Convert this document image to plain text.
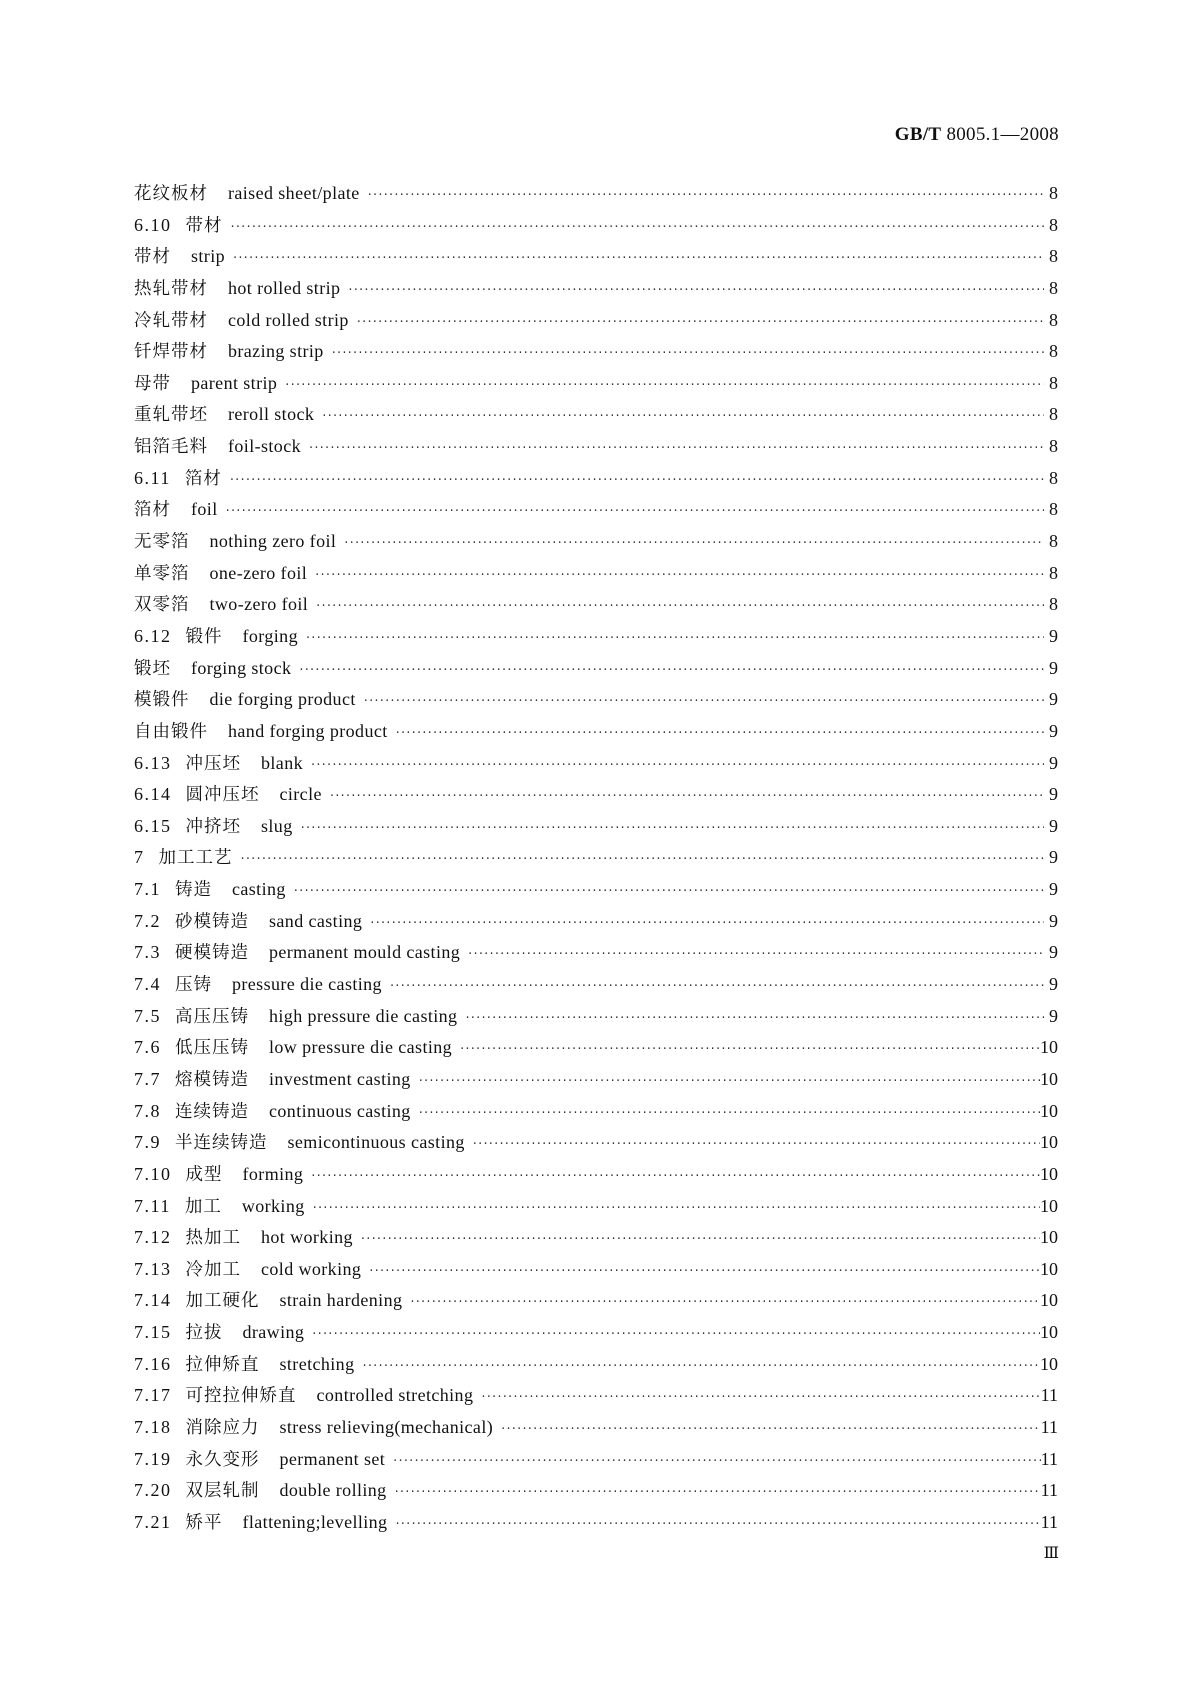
GB/T 8005.1—2008
花纹板材 raised sheet/plate ·····	8
6.10 带材 ·····	8
带材 strip ·····	8
热轧带材 hot rolled strip ·····	8
冷轧带材 cold rolled strip ·····	8
钎焊带材 brazing strip ·····	8
母带 parent strip ·····	8
重轧带坯 reroll stock ·····	8
铝箔毛料 foil-stock ·····	8
6.11 箔材 ·····	8
箔材 foil ·····	8
无零箔 nothing zero foil ·····	8
单零箔 one-zero foil ·····	8
双零箔 two-zero foil ·····	8
6.12 锻件 forging ·····	9
锻坯 forging stock ·····	9
模锻件 die forging product ·····	9
自由锻件 hand forging product ·····	9
6.13 冲压坯 blank ·····	9
6.14 圆冲压坯 circle ·····	9
6.15 冲挤坯 slug ·····	9
7 加工工艺 ·····	9
7.1 铸造 casting ·····	9
7.2 砂模铸造 sand casting ·····	9
7.3 硬模铸造 permanent mould casting ·····	9
7.4 压铸 pressure die casting ·····	9
7.5 高压压铸 high pressure die casting ·····	9
7.6 低压压铸 low pressure die casting ·····	10
7.7 熔模铸造 investment casting ·····	10
7.8 连续铸造 continuous casting ·····	10
7.9 半连续铸造 semicontinuous casting ·····	10
7.10 成型 forming ·····	10
7.11 加工 working ·····	10
7.12 热加工 hot working ·····	10
7.13 冷加工 cold working ·····	10
7.14 加工硬化 strain hardening ·····	10
7.15 拉拔 drawing ·····	10
7.16 拉伸矫直 stretching ·····	10
7.17 可控拉伸矫直 controlled stretching ·····	11
7.18 消除应力 stress relieving(mechanical) ·····	11
7.19 永久变形 permanent set ·····	11
7.20 双层轧制 double rolling ·····	11
7.21 矫平 flattening;levelling ·····	11
Ⅲ
